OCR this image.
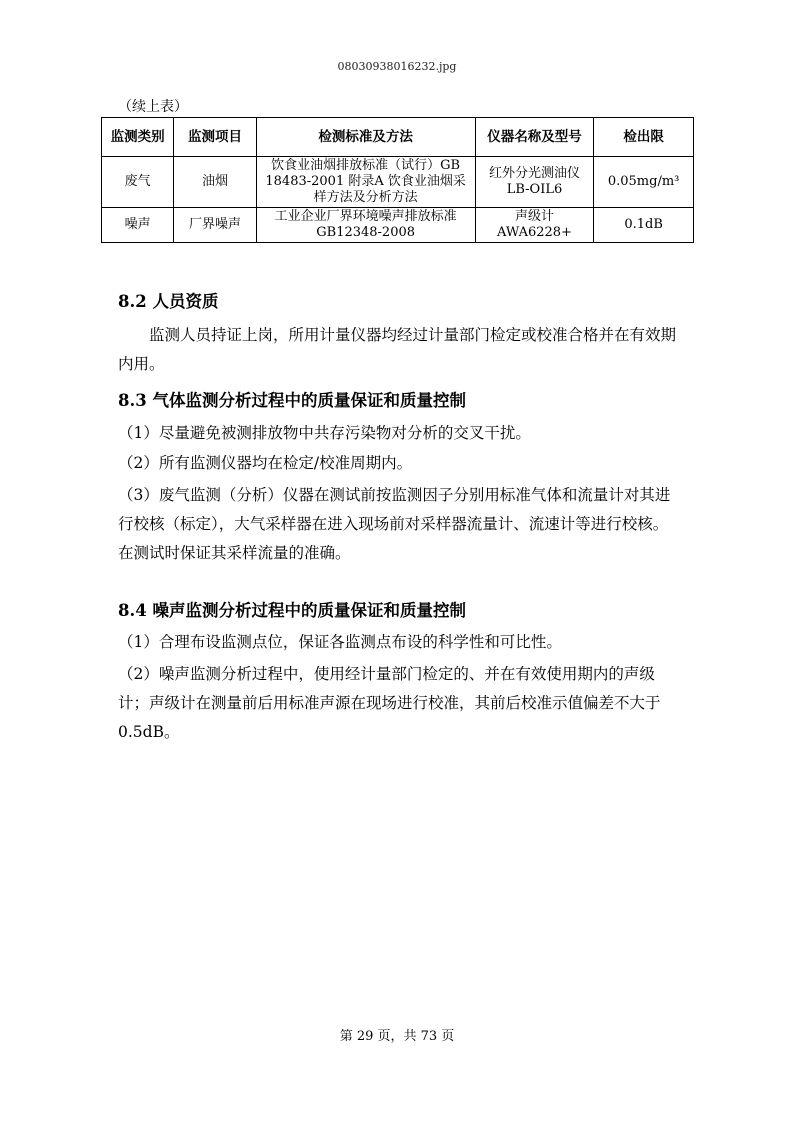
08030938016232.jpg
（续上表）
监测类别	监测项目	检测标准及方法	仪器名称及型号	检出限
废气	油烟	饮食业油烟排放标准（试行）GB 18483-2001 附录A 饮食业油烟采样方法及分析方法	红外分光测油仪 LB-OIL6	0.05mg/m³
噪声	厂界噪声	工业企业厂界环境噪声排放标准 GB12348-2008	声级计 AWA6228+	0.1dB
8.2 人员资质
监测人员持证上岗，所用计量仪器均经过计量部门检定或校准合格并在有效期内用。
8.3 气体监测分析过程中的质量保证和质量控制
（1）尽量避免被测排放物中共存污染物对分析的交叉干扰。
（2）所有监测仪器均在检定/校准周期内。
（3）废气监测（分析）仪器在测试前按监测因子分别用标准气体和流量计对其进行校核（标定），大气采样器在进入现场前对采样器流量计、流速计等进行校核。在测试时保证其采样流量的准确。
8.4 噪声监测分析过程中的质量保证和质量控制
（1）合理布设监测点位，保证各监测点布设的科学性和可比性。
（2）噪声监测分析过程中，使用经计量部门检定的、并在有效使用期内的声级计；声级计在测量前后用标准声源在现场进行校准，其前后校准示值偏差不大于0.5dB。
第 29 页，共 73 页
